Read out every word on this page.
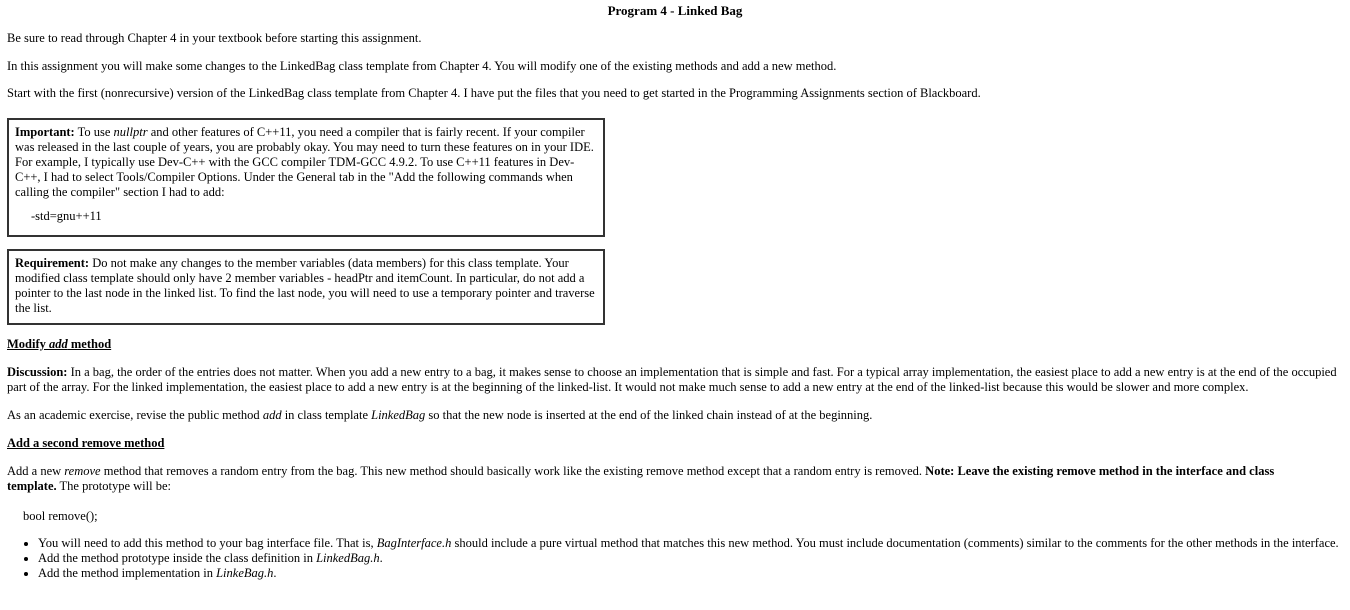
Program 4 - Linked Bag

Be sure to read through Chapter 4 in your textbook before starting this assignment.

In this assignment you will make some changes to the LinkedBag class template from Chapter 4. You will modify one of the existing methods and add a new method.

Start with the first (nonrecursive) version of the LinkedBag class template from Chapter 4. I have put the files that you need to get started in the Programming Assignments section of Blackboard.

Important: To use nullptr and other features of C++11, you need a compiler that is fairly recent. If your compiler was released in the last couple of years, you are probably okay. You may need to turn these features on in your IDE. For example, I typically use Dev-C++ with the GCC compiler TDM-GCC 4.9.2. To use C++11 features in Dev-C++, I had to select Tools/Compiler Options. Under the General tab in the "Add the following commands when calling the compiler" section I had to add:

-std=gnu++11

Requirement: Do not make any changes to the member variables (data members) for this class template. Your modified class template should only have 2 member variables - headPtr and itemCount. In particular, do not add a pointer to the last node in the linked list. To find the last node, you will need to use a temporary pointer and traverse the list.

Modify add method

Discussion: In a bag, the order of the entries does not matter. When you add a new entry to a bag, it makes sense to choose an implementation that is simple and fast. For a typical array implementation, the easiest place to add a new entry is at the end of the occupied part of the array. For the linked implementation, the easiest place to add a new entry is at the beginning of the linked-list. It would not make much sense to add a new entry at the end of the linked-list because this would be slower and more complex.

As an academic exercise, revise the public method add in class template LinkedBag so that the new node is inserted at the end of the linked chain instead of at the beginning.

Add a second remove method

Add a new remove method that removes a random entry from the bag. This new method should basically work like the existing remove method except that a random entry is removed. Note: Leave the existing remove method in the interface and class template. The prototype will be:

bool remove();

• You will need to add this method to your bag interface file. That is, BagInterface.h should include a pure virtual method that matches this new method. You must include documentation (comments) similar to the comments for the other methods in the interface.
• Add the method prototype inside the class definition in LinkedBag.h.
• Add the method implementation in LinkeBag.h.
